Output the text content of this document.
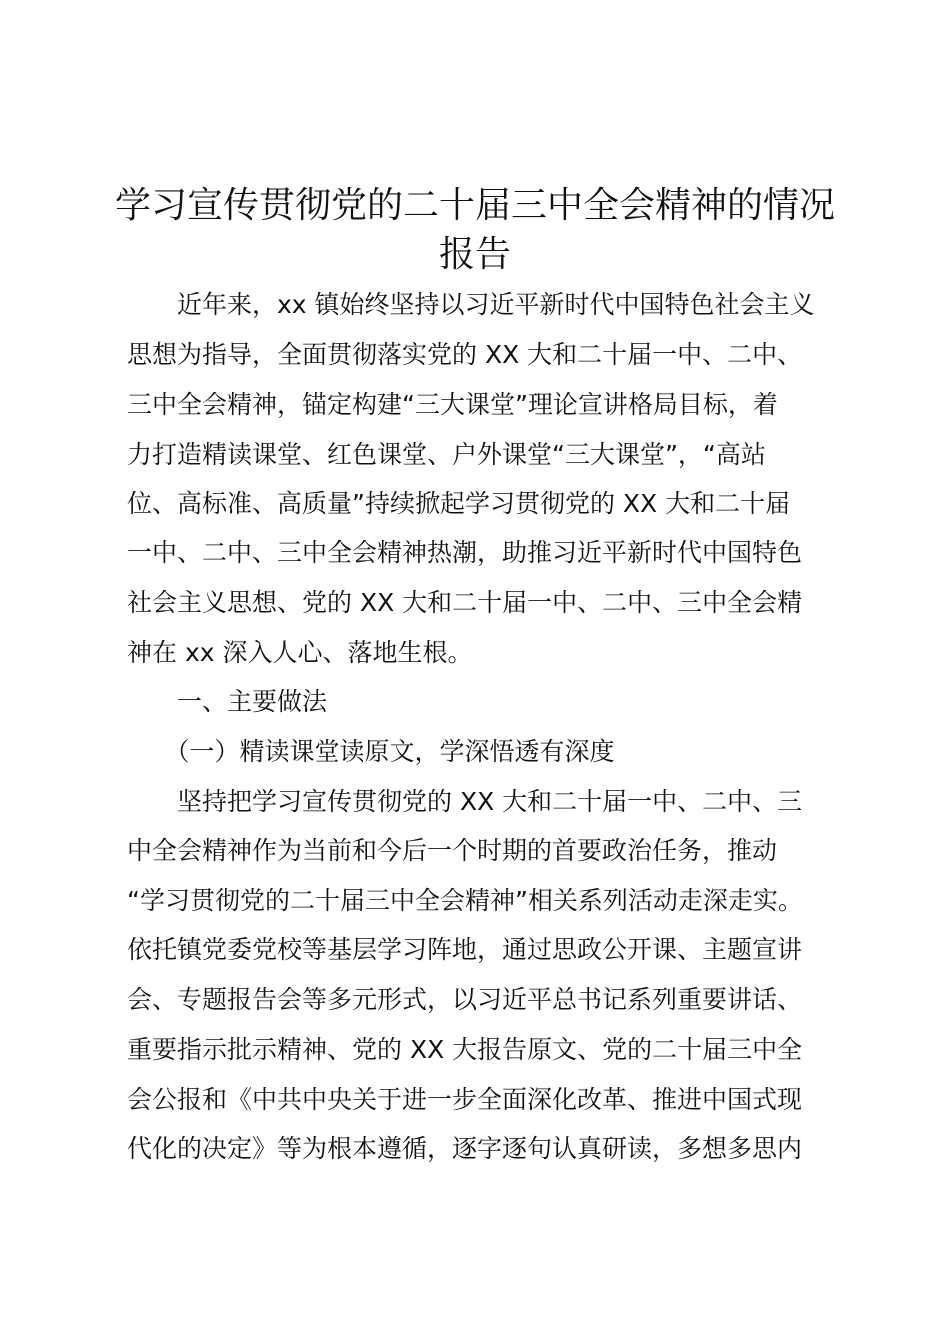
学习宣传贯彻党的二十届三中全会精神的情况
报告

　　近年来，xx 镇始终坚持以习近平新时代中国特色社会主义

思想为指导，全面贯彻落实党的 XX 大和二十届一中、二中、

三中全会精神，锚定构建“三大课堂”理论宣讲格局目标，着

力打造精读课堂、红色课堂、户外课堂“三大课堂”，“高站

位、高标准、高质量”持续掀起学习贯彻党的 XX 大和二十届

一中、二中、三中全会精神热潮，助推习近平新时代中国特色

社会主义思想、党的 XX 大和二十届一中、二中、三中全会精

神在 xx 深入人心、落地生根。

　　一、主要做法

　　（一）精读课堂读原文，学深悟透有深度

　　坚持把学习宣传贯彻党的 XX 大和二十届一中、二中、三

中全会精神作为当前和今后一个时期的首要政治任务，推动

“学习贯彻党的二十届三中全会精神”相关系列活动走深走实。

依托镇党委党校等基层学习阵地，通过思政公开课、主题宣讲

会、专题报告会等多元形式，以习近平总书记系列重要讲话、

重要指示批示精神、党的 XX 大报告原文、党的二十届三中全

会公报和《中共中央关于进一步全面深化改革、推进中国式现

代化的决定》等为根本遵循，逐字逐句认真研读，多想多思内
